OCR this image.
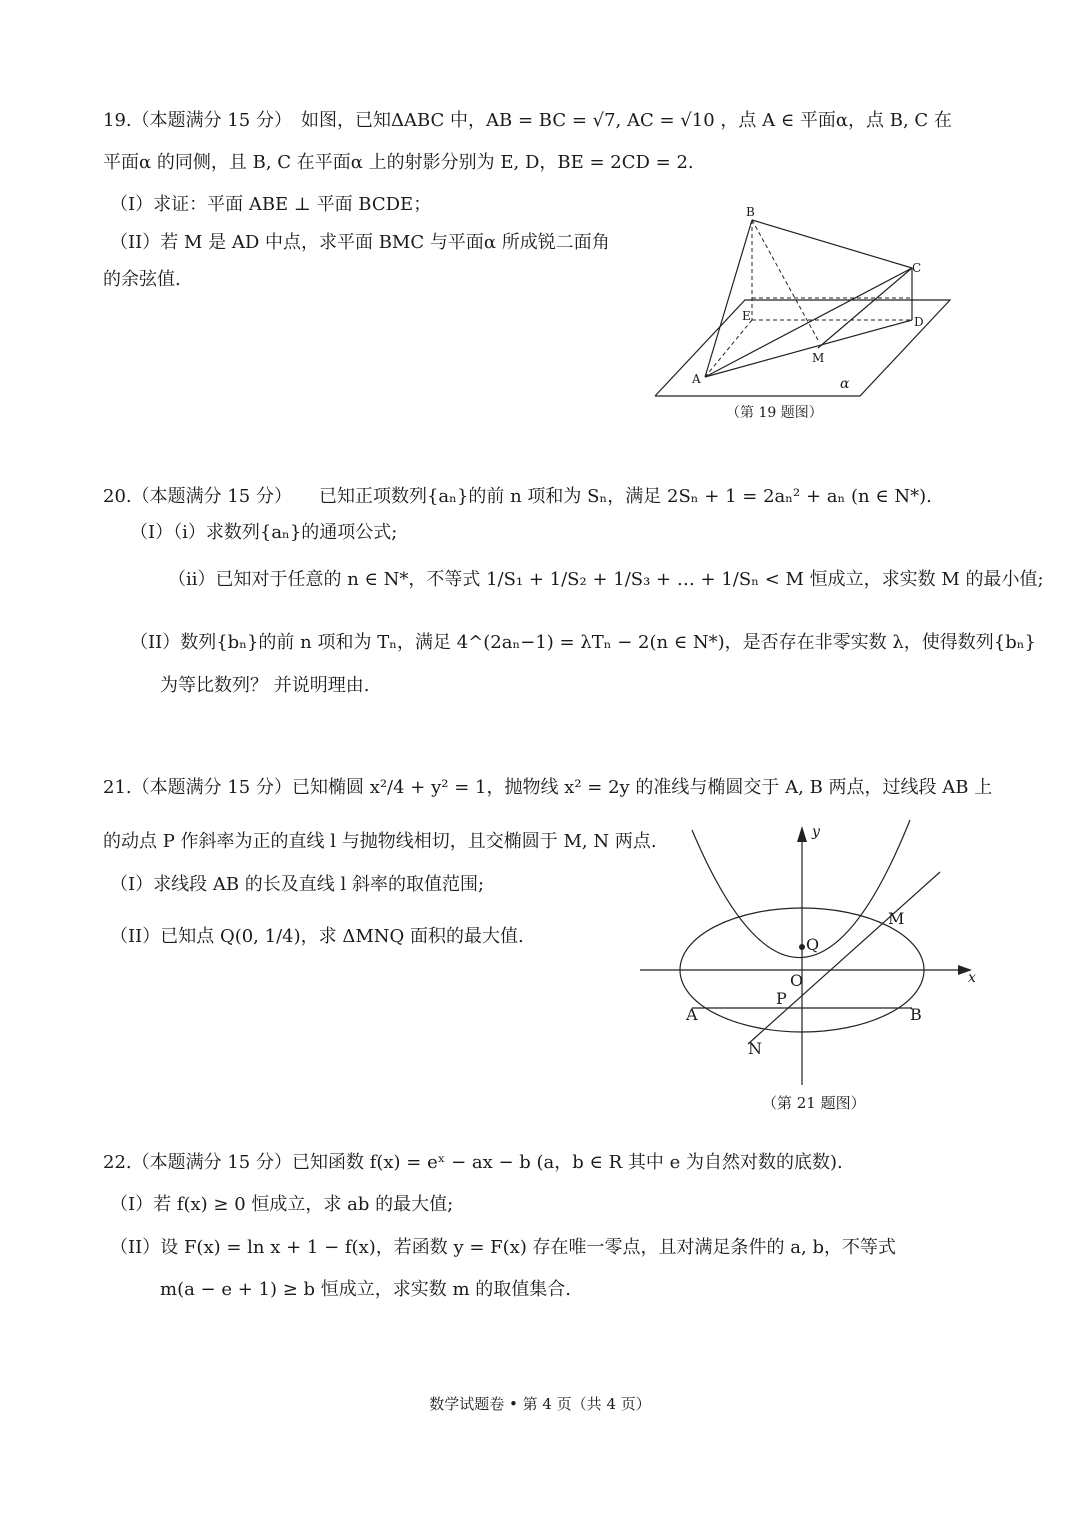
19.（本题满分 15 分）　如图，已知ΔABC 中，AB = BC = √7, AC = √10 ，点 A ∈ 平面α，点 B, C 在
平面α 的同侧，且 B, C 在平面α 上的射影分别为 E, D，BE = 2CD = 2.
（I）求证：平面 ABE ⊥ 平面 BCDE；
（II）若 M 是 AD 中点，求平面 BMC 与平面α 所成锐二面角
的余弦值.
B
C
E	D
M
A	α
（第 19 题图）
20.（本题满分 15 分）　　已知正项数列{aₙ}的前 n 项和为 Sₙ，满足 2Sₙ + 1 = 2aₙ² + aₙ (n ∈ N*).
（I）（i）求数列{aₙ}的通项公式;
（ii）已知对于任意的 n ∈ N*，不等式 1/S₁ + 1/S₂ + 1/S₃ + … + 1/Sₙ < M 恒成立，求实数 M 的最小值;
（II）数列{bₙ}的前 n 项和为 Tₙ，满足 4^(2aₙ−1) = λTₙ − 2(n ∈ N*)，是否存在非零实数 λ，使得数列{bₙ}
为等比数列？ 并说明理由.
21.（本题满分 15 分）已知椭圆 x²/4 + y² = 1，抛物线 x² = 2y 的准线与椭圆交于 A, B 两点，过线段 AB 上
的动点 P 作斜率为正的直线 l 与抛物线相切，且交椭圆于 M, N 两点.
（I）求线段 AB 的长及直线 l 斜率的取值范围;
（II）已知点 Q(0, 1/4)，求 ΔMNQ 面积的最大值.
y
x
M
Q
O
P
A	B
N
（第 21 题图）
22.（本题满分 15 分）已知函数 f(x) = eˣ − ax − b (a，b ∈ R 其中 e 为自然对数的底数).
（I）若 f(x) ≥ 0 恒成立，求 ab 的最大值;
（II）设 F(x) = ln x + 1 − f(x)，若函数 y = F(x) 存在唯一零点，且对满足条件的 a, b，不等式
m(a − e + 1) ≥ b 恒成立，求实数 m 的取值集合.
数学试题卷 • 第 4 页（共 4 页）
